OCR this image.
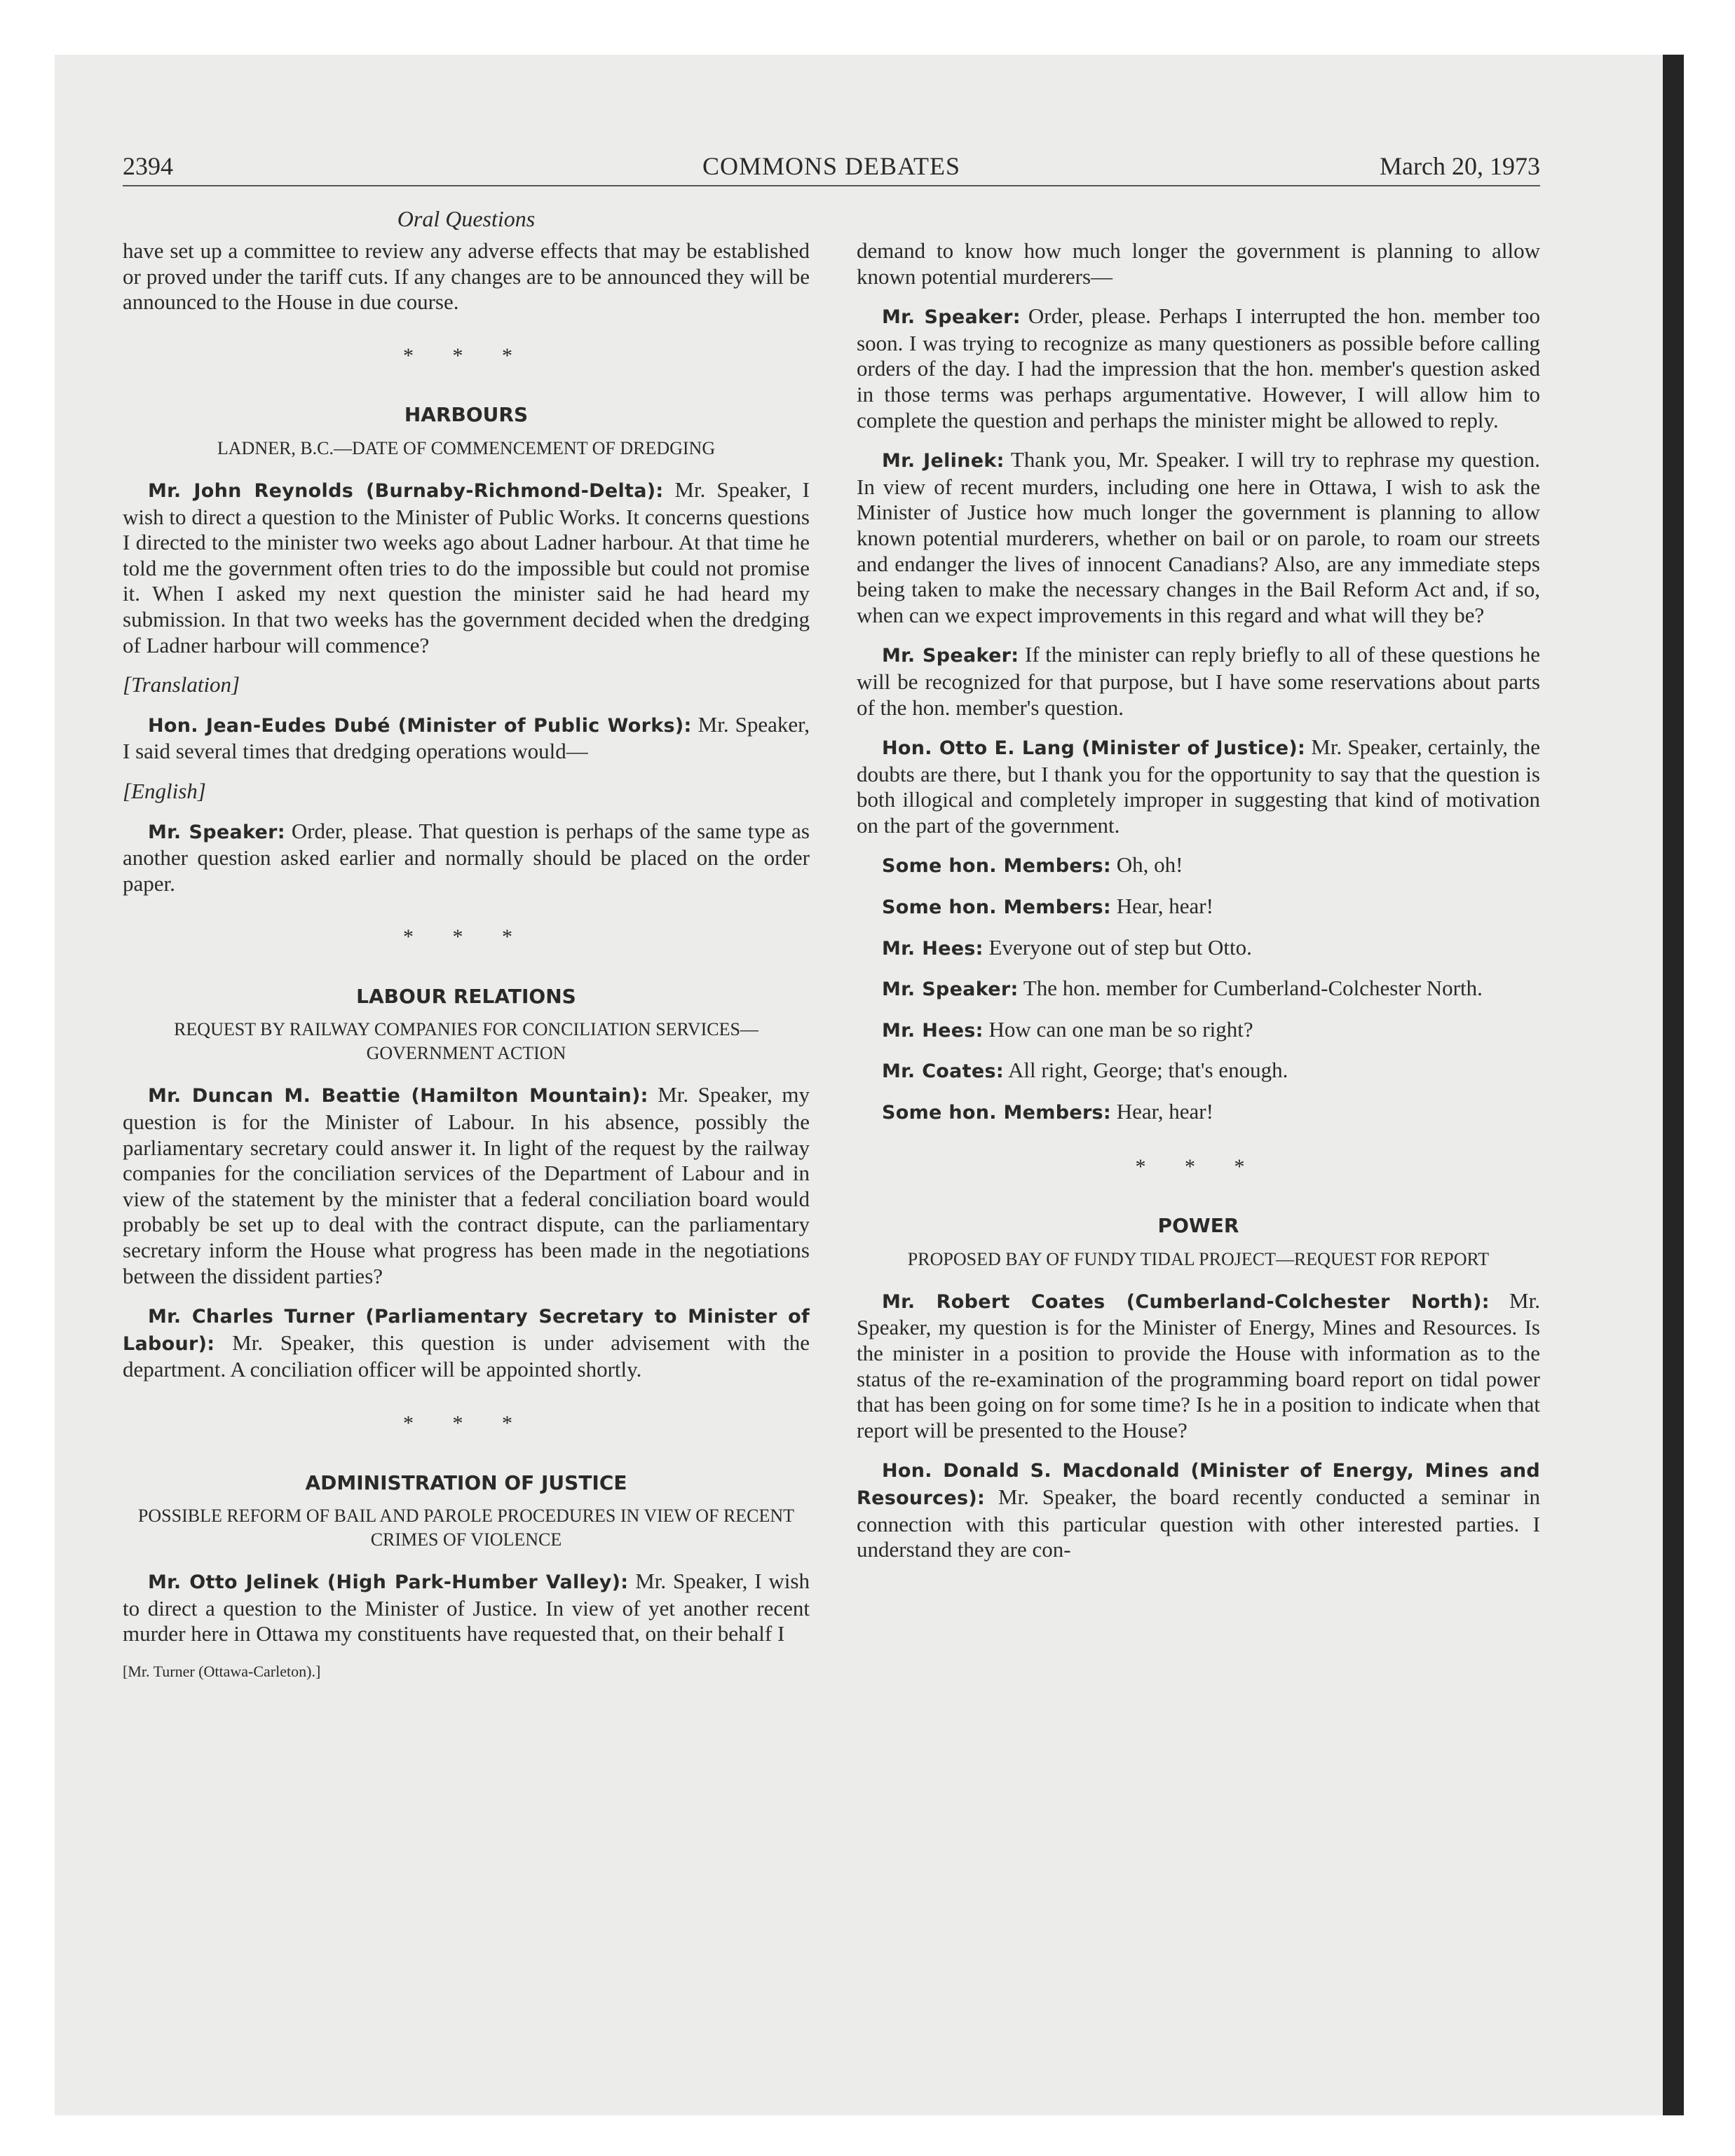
2394	COMMONS DEBATES	March 20, 1973
Oral Questions

have set up a committee to review any adverse effects that may be established or proved under the tariff cuts. If any changes are to be announced they will be announced to the House in due course.

* * *
HARBOURS
LADNER, B.C.—DATE OF COMMENCEMENT OF DREDGING

Mr. John Reynolds (Burnaby-Richmond-Delta): Mr. Speaker, I wish to direct a question to the Minister of Public Works. It concerns questions I directed to the minister two weeks ago about Ladner harbour. At that time he told me the government often tries to do the impossible but could not promise it. When I asked my next question the minister said he had heard my submission. In that two weeks has the government decided when the dredging of Ladner harbour will commence?

[Translation]

Hon. Jean-Eudes Dubé (Minister of Public Works): Mr. Speaker, I said several times that dredging operations would—

[English]

Mr. Speaker: Order, please. That question is perhaps of the same type as another question asked earlier and normally should be placed on the order paper.

* * *
LABOUR RELATIONS
REQUEST BY RAILWAY COMPANIES FOR CONCILIATION SERVICES—GOVERNMENT ACTION

Mr. Duncan M. Beattie (Hamilton Mountain): Mr. Speaker, my question is for the Minister of Labour. In his absence, possibly the parliamentary secretary could answer it. In light of the request by the railway companies for the conciliation services of the Department of Labour and in view of the statement by the minister that a federal conciliation board would probably be set up to deal with the contract dispute, can the parliamentary secretary inform the House what progress has been made in the negotiations between the dissident parties?

Mr. Charles Turner (Parliamentary Secretary to Minister of Labour): Mr. Speaker, this question is under advisement with the department. A conciliation officer will be appointed shortly.

* * *
ADMINISTRATION OF JUSTICE
POSSIBLE REFORM OF BAIL AND PAROLE PROCEDURES IN VIEW OF RECENT CRIMES OF VIOLENCE

Mr. Otto Jelinek (High Park-Humber Valley): Mr. Speaker, I wish to direct a question to the Minister of Justice. In view of yet another recent murder here in Ottawa my constituents have requested that, on their behalf I

[Mr. Turner (Ottawa-Carleton).]

demand to know how much longer the government is planning to allow known potential murderers—

Mr. Speaker: Order, please. Perhaps I interrupted the hon. member too soon. I was trying to recognize as many questioners as possible before calling orders of the day. I had the impression that the hon. member's question asked in those terms was perhaps argumentative. However, I will allow him to complete the question and perhaps the minister might be allowed to reply.

Mr. Jelinek: Thank you, Mr. Speaker. I will try to rephrase my question. In view of recent murders, including one here in Ottawa, I wish to ask the Minister of Justice how much longer the government is planning to allow known potential murderers, whether on bail or on parole, to roam our streets and endanger the lives of innocent Canadians? Also, are any immediate steps being taken to make the necessary changes in the Bail Reform Act and, if so, when can we expect improvements in this regard and what will they be?

Mr. Speaker: If the minister can reply briefly to all of these questions he will be recognized for that purpose, but I have some reservations about parts of the hon. member's question.

Hon. Otto E. Lang (Minister of Justice): Mr. Speaker, certainly, the doubts are there, but I thank you for the opportunity to say that the question is both illogical and completely improper in suggesting that kind of motivation on the part of the government.

Some hon. Members: Oh, oh!

Some hon. Members: Hear, hear!

Mr. Hees: Everyone out of step but Otto.

Mr. Speaker: The hon. member for Cumberland-Colchester North.

Mr. Hees: How can one man be so right?

Mr. Coates: All right, George; that's enough.

Some hon. Members: Hear, hear!

* * *
POWER
PROPOSED BAY OF FUNDY TIDAL PROJECT—REQUEST FOR REPORT

Mr. Robert Coates (Cumberland-Colchester North): Mr. Speaker, my question is for the Minister of Energy, Mines and Resources. Is the minister in a position to provide the House with information as to the status of the re-examination of the programming board report on tidal power that has been going on for some time? Is he in a position to indicate when that report will be presented to the House?

Hon. Donald S. Macdonald (Minister of Energy, Mines and Resources): Mr. Speaker, the board recently conducted a seminar in connection with this particular question with other interested parties. I understand they are con-
